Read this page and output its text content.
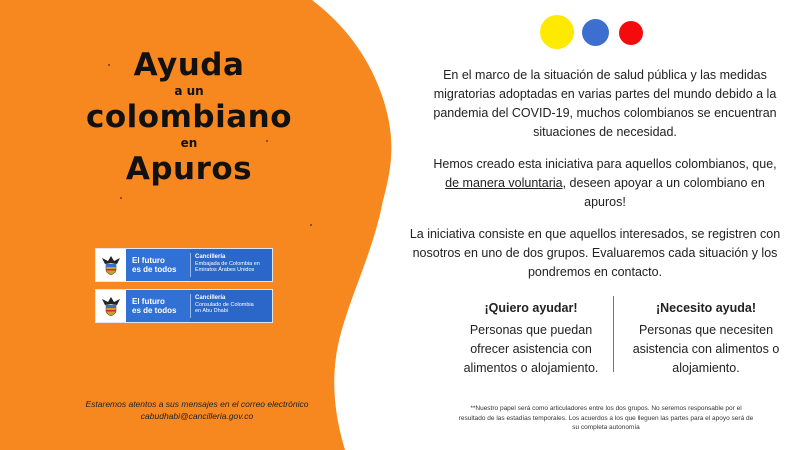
Ayuda
a un
colombiano
en
Apuros
El futuro
es de todos
Cancillería
Embajada de Colombia en
Emiratos Árabes Unidos
El futuro
es de todos
Cancillería
Consulado de Colombia
en Abu Dhabi
Estaremos atentos a sus mensajes en el correo electrónico
cabudhabi@cancilleria.gov.co
En el marco de la situación de salud pública y las medidas migratorias adoptadas en varias partes del mundo debido a la pandemia del COVID-19, muchos colombianos se encuentran situaciones de necesidad.
Hemos creado esta iniciativa para aquellos colombianos, que, de manera voluntaria, deseen apoyar a un colombiano en apuros!
La iniciativa consiste en que aquellos interesados, se registren con nosotros en uno de dos grupos. Evaluaremos cada situación y los pondremos en contacto.
¡Quiero ayudar!
Personas que puedan
ofrecer asistencia con
alimentos o alojamiento.
¡Necesito ayuda!
Personas que necesiten
asistencia con alimentos o
alojamiento.
**Nuestro papel será como articuladores entre los dos grupos. No seremos responsable por el
resultado de las estadías temporales. Los acuerdos a los que lleguen las partes para el apoyo será de
su completa autonomía
